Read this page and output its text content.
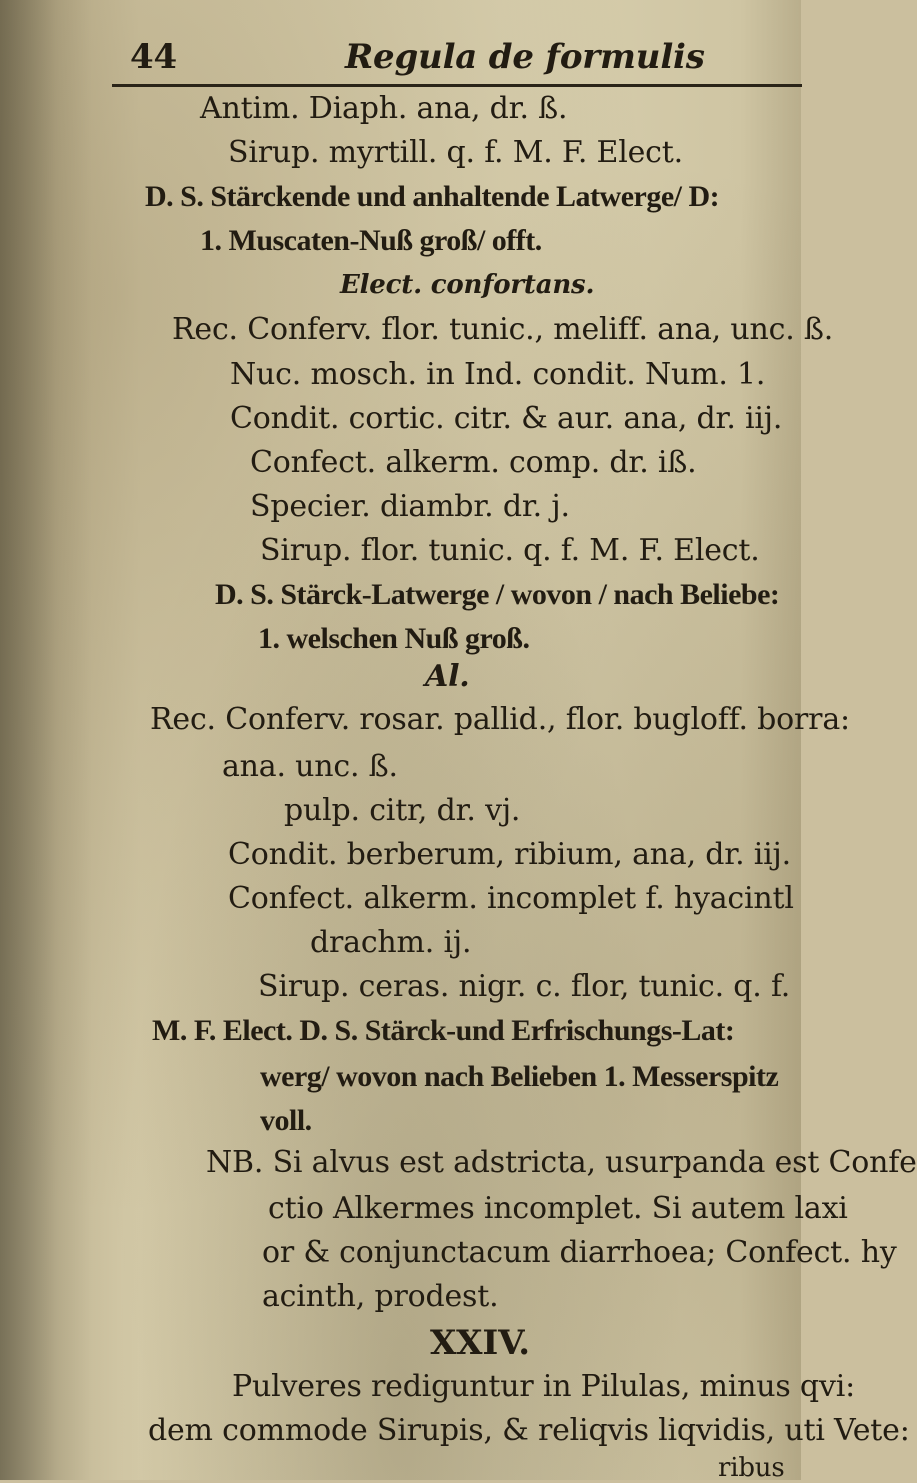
44	Regula de formulis
Antim. Diaph. ana, dr. ß.
Sirup. myrtill. q. f. M. F. Elect.
D. S. Stärckende und anhaltende Latwerge/ D:
1. Muscaten-Nuß groß/ offt.
Elect. confortans.
Rec. Conferv. flor. tunic., meliff. ana, unc. ß.
Nuc. mosch. in Ind. condit. Num. 1.
Condit. cortic. citr. & aur. ana, dr. iij.
Confect. alkerm. comp. dr. iß.
Specier. diambr. dr. j.
Sirup. flor. tunic. q. f. M. F. Elect.
D. S. Stärck-Latwerge / wovon / nach Beliebe:
1. welschen Nuß groß.
Al.
Rec. Conferv. rosar. pallid., flor. bugloff. borra:
ana. unc. ß.
pulp. citr, dr. vj.
Condit. berberum, ribium, ana, dr. iij.
Confect. alkerm. incomplet f. hyacintl
drachm. ij.
Sirup. ceras. nigr. c. flor, tunic. q. f.
M. F. Elect. D. S. Stärck-und Erfrischungs-Lat:
werg/ wovon nach Belieben 1. Messerspitz
voll.
NB. Si alvus est adstricta, usurpanda est Confe
ctio Alkermes incomplet. Si autem laxi
or & conjunctacum diarrhoea; Confect. hy
acinth, prodest.
XXIV.
Pulveres rediguntur in Pilulas, minus qvi:
dem commode Sirupis, & reliqvis liqvidis, uti Vete:
ribus
